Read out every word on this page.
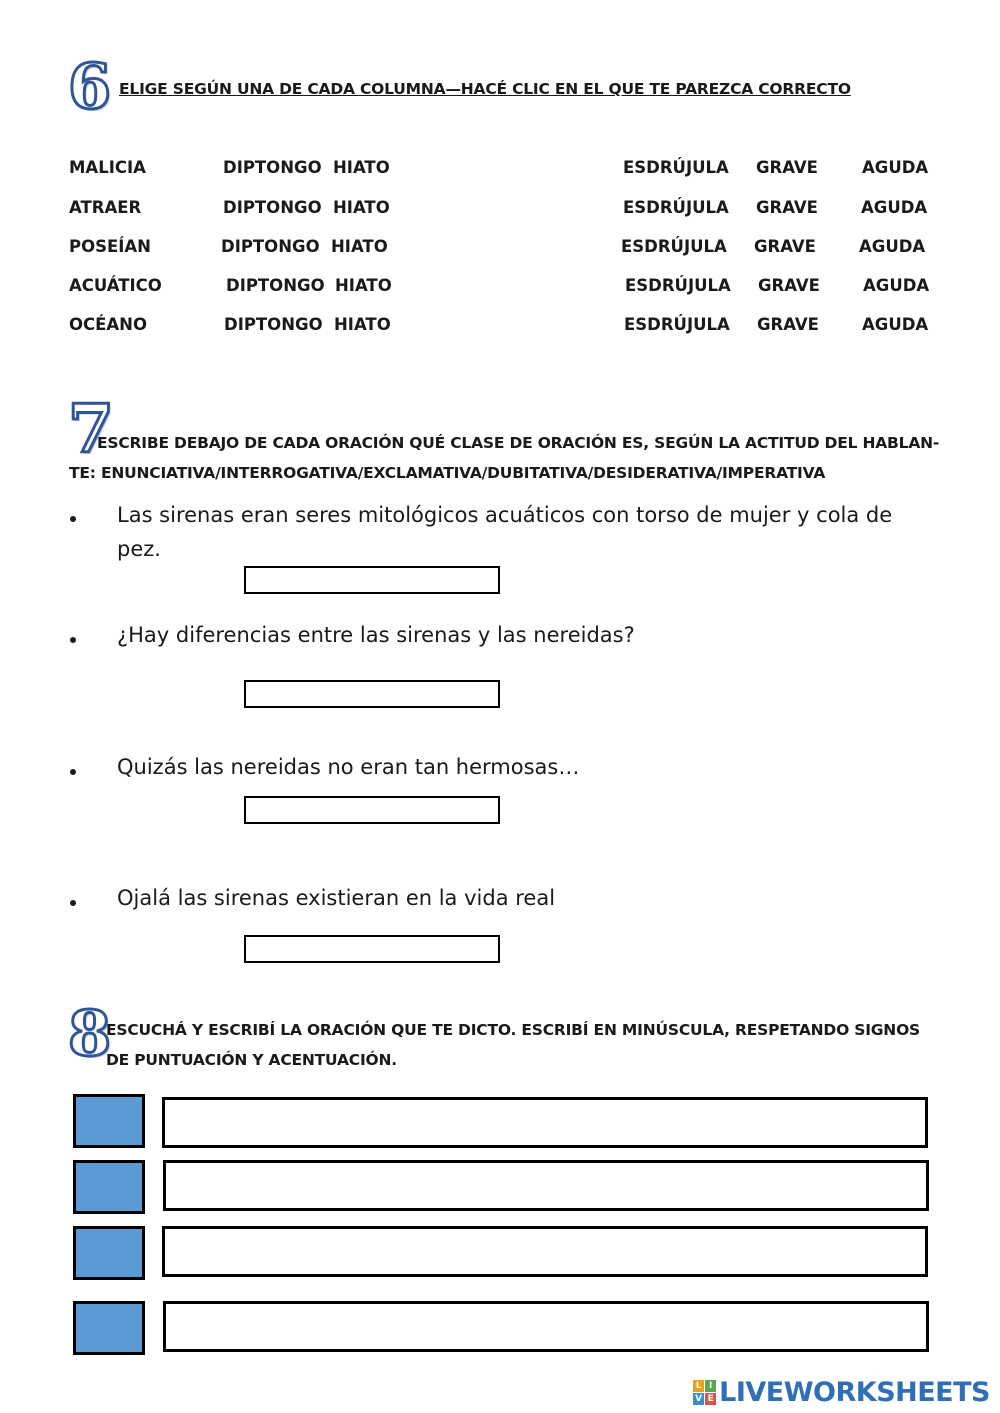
6 ELIGE SEGÚN UNA DE CADA COLUMNA—HACÉ CLIC EN EL QUE TE PAREZCA CORRECTO
MALICIA	DIPTONGO HIATO	ESDRÚJULA GRAVE	AGUDA
ATRAER	DIPTONGO HIATO	ESDRÚJULA GRAVE	AGUDA
POSEÍAN	DIPTONGO HIATO	ESDRÚJULA GRAVE	AGUDA
ACUÁTICO	DIPTONGO HIATO	ESDRÚJULA GRAVE	AGUDA
OCÉANO	DIPTONGO HIATO	ESDRÚJULA GRAVE	AGUDA
7
ESCRIBE DEBAJO DE CADA ORACIÓN QUÉ CLASE DE ORACIÓN ES, SEGÚN LA ACTITUD DEL HABLAN-
TE: ENUNCIATIVA/INTERROGATIVA/EXCLAMATIVA/DUBITATIVA/DESIDERATIVA/IMPERATIVA
Las sirenas eran seres mitológicos acuáticos con torso de mujer y cola de pez.
¿Hay diferencias entre las sirenas y las nereidas?
Quizás las nereidas no eran tan hermosas…
Ojalá las sirenas existieran en la vida real
8
ESCUCHÁ Y ESCRIBÍ LA ORACIÓN QUE TE DICTO. ESCRIBÍ EN MINÚSCULA, RESPETANDO SIGNOS
DE PUNTUACIÓN Y ACENTUACIÓN.
L I
V E LIVEWORKSHEETS
